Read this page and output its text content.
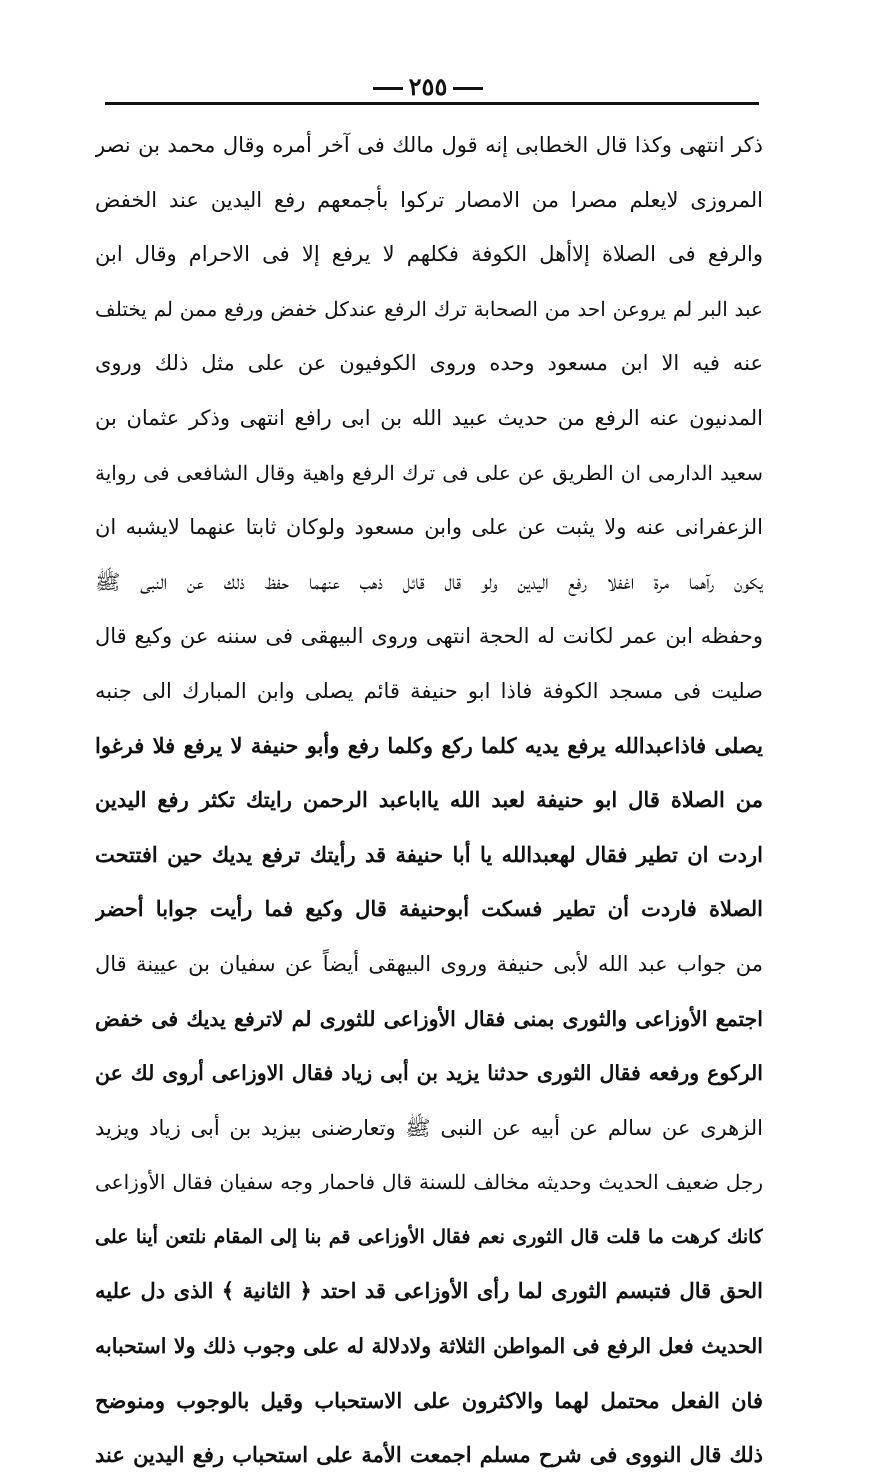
٢٥٥
ذكر انتهى وكذا قال الخطابى إنه قول مالك فى آخر أمره وقال محمد بن نصر
المروزى لايعلم مصرا من الامصار تركوا بأجمعهم رفع اليدين عند الخفض
والرفع فى الصلاة إلاأهل الكوفة فكلهم لا يرفع إلا فى الاحرام وقال ابن
عبد البر لم يروعن احد من الصحابة ترك الرفع عندكل خفض ورفع ممن لم يختلف
عنه فيه الا ابن مسعود وحده وروى الكوفيون عن على مثل ذلك وروى
المدنيون عنه الرفع من حديث عبيد الله بن ابى رافع انتهى وذكر عثمان بن
سعيد الدارمى ان الطريق عن على فى ترك الرفع واهية وقال الشافعى فى رواية
الزعفرانى عنه ولا يثبت عن على وابن مسعود ولوكان ثابتا عنهما لايشبه ان
يكون رآهما مرة اغفلا رفع اليدين ولو قال قائل ذهب عنهما حفظ ذلك عن النبى ﷺ
وحفظه ابن عمر لكانت له الحجة انتهى وروى البيهقى فى سننه عن وكيع قال
صليت فى مسجد الكوفة فاذا ابو حنيفة قائم يصلى وابن المبارك الى جنبه
يصلى فاذاعبدالله يرفع يديه كلما ركع وكلما رفع وأبو حنيفة لا يرفع فلا فرغوا
من الصلاة قال ابو حنيفة لعبد الله يااباعبد الرحمن رايتك تكثر رفع اليدين
اردت ان تطير فقال لهعبدالله يا أبا حنيفة قد رأيتك ترفع يديك حين افتتحت
الصلاة فاردت أن تطير فسكت أبوحنيفة قال وكيع فما رأيت جوابا أحضر
من جواب عبد الله لأبى حنيفة وروى البيهقى أيضاً عن سفيان بن عيينة قال
اجتمع الأوزاعى والثورى بمنى فقال الأوزاعى للثورى لم لاترفع يديك فى خفض
الركوع ورفعه فقال الثورى حدثنا يزيد بن أبى زياد فقال الاوزاعى أروى لك عن
الزهرى عن سالم عن أبيه عن النبى ﷺ وتعارضنى بيزيد بن أبى زياد ويزيد
رجل ضعيف الحديث وحديثه مخالف للسنة قال فاحمار وجه سفيان فقال الأوزاعى
كانك كرهت ما قلت قال الثورى نعم فقال الأوزاعى قم بنا إلى المقام نلتعن أينا على
الحق قال فتبسم الثورى لما رأى الأوزاعى قد احتد ﴿ الثانية ﴾ الذى دل عليه
الحديث فعل الرفع فى المواطن الثلاثة ولادلالة له على وجوب ذلك ولا استحبابه
فان الفعل محتمل لهما والاكثرون على الاستحباب وقيل بالوجوب ومنوضح
ذلك قال النووى فى شرح مسلم اجمعت الأمة على استحباب رفع اليدين عند
